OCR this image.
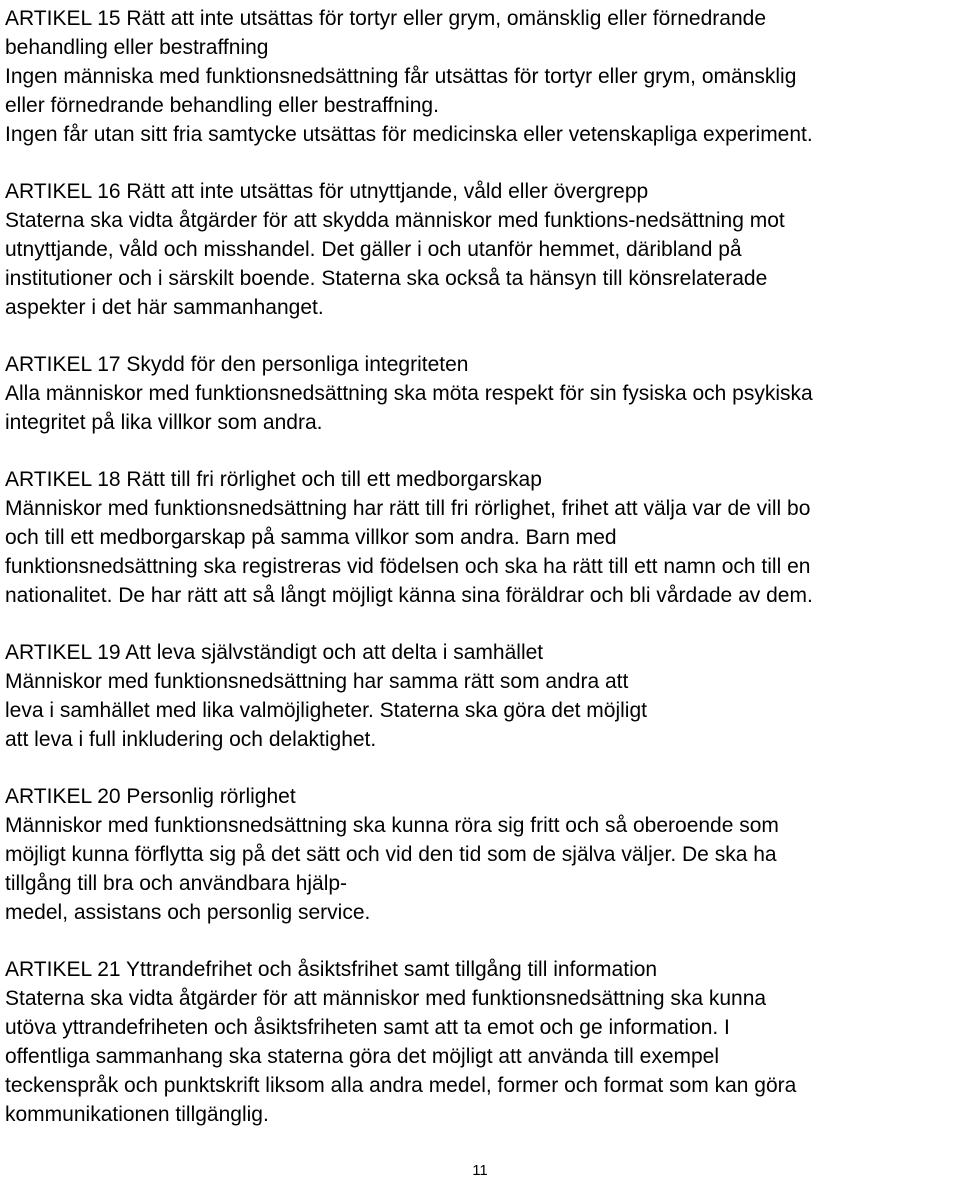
ARTIKEL 15 Rätt att inte utsättas för tortyr eller grym, omänsklig eller förnedrande
behandling eller bestraffning
Ingen människa med funktionsnedsättning får utsättas för tortyr eller grym, omänsklig
eller förnedrande behandling eller bestraffning.
Ingen får utan sitt fria samtycke utsättas för medicinska eller vetenskapliga experiment.
ARTIKEL 16 Rätt att inte utsättas för utnyttjande, våld eller övergrepp
Staterna ska vidta åtgärder för att skydda människor med funktions-nedsättning mot
utnyttjande, våld och misshandel. Det gäller i och utanför hemmet, däribland på
institutioner och i särskilt boende. Staterna ska också ta hänsyn till könsrelaterade
aspekter i det här sammanhanget.
ARTIKEL 17 Skydd för den personliga integriteten
Alla människor med funktionsnedsättning ska möta respekt för sin fysiska och psykiska
integritet på lika villkor som andra.
ARTIKEL 18 Rätt till fri rörlighet och till ett medborgarskap
Människor med funktionsnedsättning har rätt till fri rörlighet, frihet att välja var de vill bo
och till ett medborgarskap på samma villkor som andra. Barn med
funktionsnedsättning ska registreras vid födelsen och ska ha rätt till ett namn och till en
nationalitet. De har rätt att så långt möjligt känna sina föräldrar och bli vårdade av dem.
ARTIKEL 19 Att leva självständigt och att delta i samhället
Människor med funktionsnedsättning har samma rätt som andra att
leva i samhället med lika valmöjligheter. Staterna ska göra det möjligt
att leva i full inkludering och delaktighet.
ARTIKEL 20 Personlig rörlighet
Människor med funktionsnedsättning ska kunna röra sig fritt och så oberoende som
möjligt kunna förflytta sig på det sätt och vid den tid som de själva väljer. De ska ha
tillgång till bra och användbara hjälp-
medel, assistans och personlig service.
ARTIKEL 21 Yttrandefrihet och åsiktsfrihet samt tillgång till information
Staterna ska vidta åtgärder för att människor med funktionsnedsättning ska kunna
utöva yttrandefriheten och åsiktsfriheten samt att ta emot och ge information. I
offentliga sammanhang ska staterna göra det möjligt att använda till exempel
teckenspråk och punktskrift liksom alla andra medel, former och format som kan göra
kommunikationen tillgänglig.
11
